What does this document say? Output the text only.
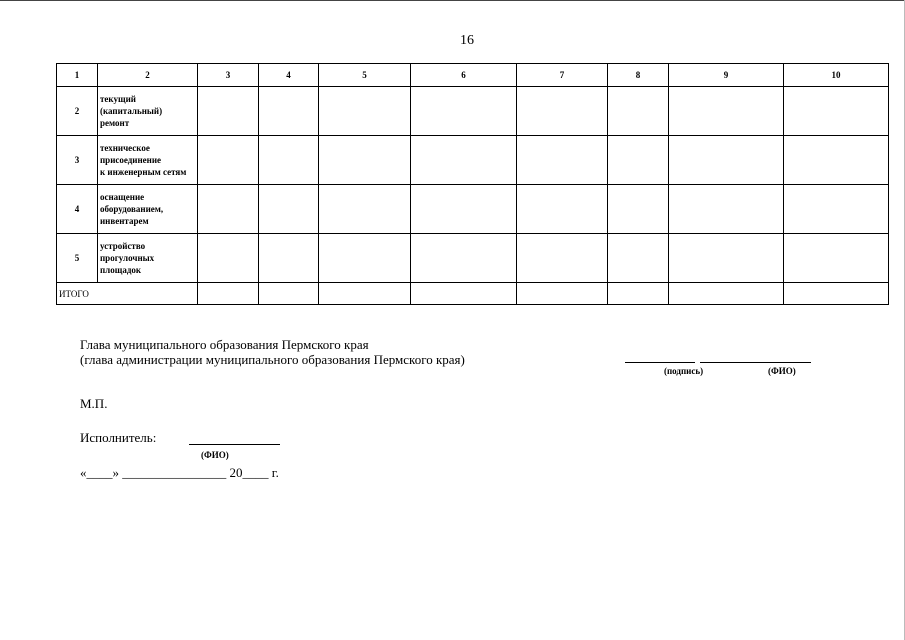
16
1	2	3	4	5	6	7	8	9	10
2	текущий
(капитальный)
ремонт								

3	техническое
присоединение
к инженерным сетям								

4	оснащение
оборудованием,
инвентарем								

5	устройство
прогулочных
площадок								

ИТОГО									
Глава муниципального образования Пермского края
(глава администрации муниципального образования Пермского края)
(подпись)	(ФИО)
М.П.
Исполнитель:
(ФИО)
«____» ________________ 20____ г.
